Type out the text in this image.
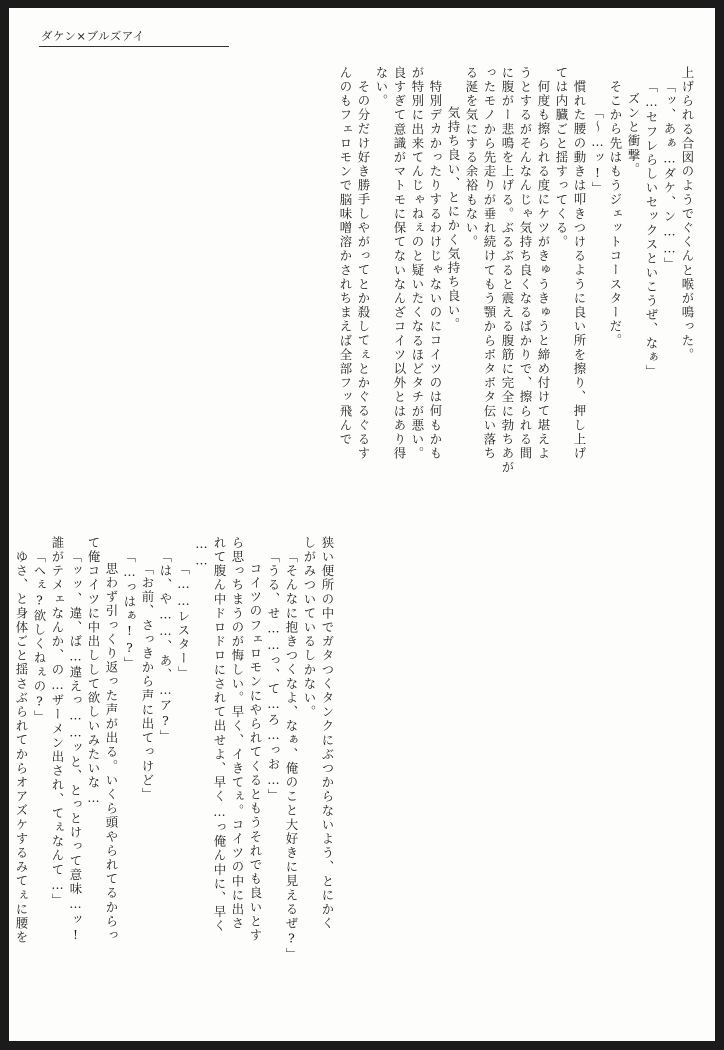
ダケン×ブルズアイ
上げられる合図のようでぐくんと喉が鳴った。
「ッ、あぁ…ダケ、ン……」
「…セフレらしいセックスといこうぜ、なぁ」
ズンと衝撃。
そこから先はもうジェットコースターだ。
「～…ッ!」
慣れた腰の動きは叩きつけるように良い所を擦り、押し上げ
ては内臓ごと揺すってくる。
何度も擦られる度にケツがきゅうきゅうと締め付けて堪えよ
うとするがそんなんじゃ気持ち良くなるばかりで、擦られる間
に腹がー悲鳴を上げる。ぶるぶると震える腹筋に完全に勃ちあが
ったモノから先走りが垂れ続けてもう顎からボタボタ伝い落ち
る涎を気にする余裕もない。
気持ち良い、とにかく気持ち良い。
特別デカかったりするわけじゃないのにコイツのは何もかも
が特別に出来てんじゃねぇのと疑いたくなるほどタチが悪い。
良すぎて意識がマトモに保てないなんざコイツ以外とはあり得
ない。
その分だけ好き勝手しやがってとか殺してぇとかぐるぐるす
んのもフェロモンで脳味噌溶かされちまえば全部フッ飛んで
狭い便所の中でガタつくタンクにぶつからないよう、とにかく
しがみついているしかない。
「そんなに抱きつくなよ、なぁ、俺のこと大好きに見えるぜ?」
「うる、せ……っ、て…ろ…っお…」
コイツのフェロモンにやられてくるともうそれでも良いとす
ら思っちまうのが悔しい。早く、イきてぇ。コイツの中に出さ
れて腹ん中ドロドロにされて出せよ、早く…っ俺ん中に、早く
……
「……レスター」
「は、や……、あ、…ア?」
「お前、さっきから声に出てっけど」
「…っはぁ!?」
思わず引っくり返った声が出る。いくら頭やられてるからっ
て俺コイツに中出しして欲しいみたいな…
「ッッ、違、ば…違えっ……ッと、とっとけって意味…ッ!
誰がテメェなんか、の…ザーメン出され、てぇなんて…」
「へぇ?欲しくねぇの?」
ゆさ、と身体ごと揺さぶられてからオアズケするみてぇに腰を
